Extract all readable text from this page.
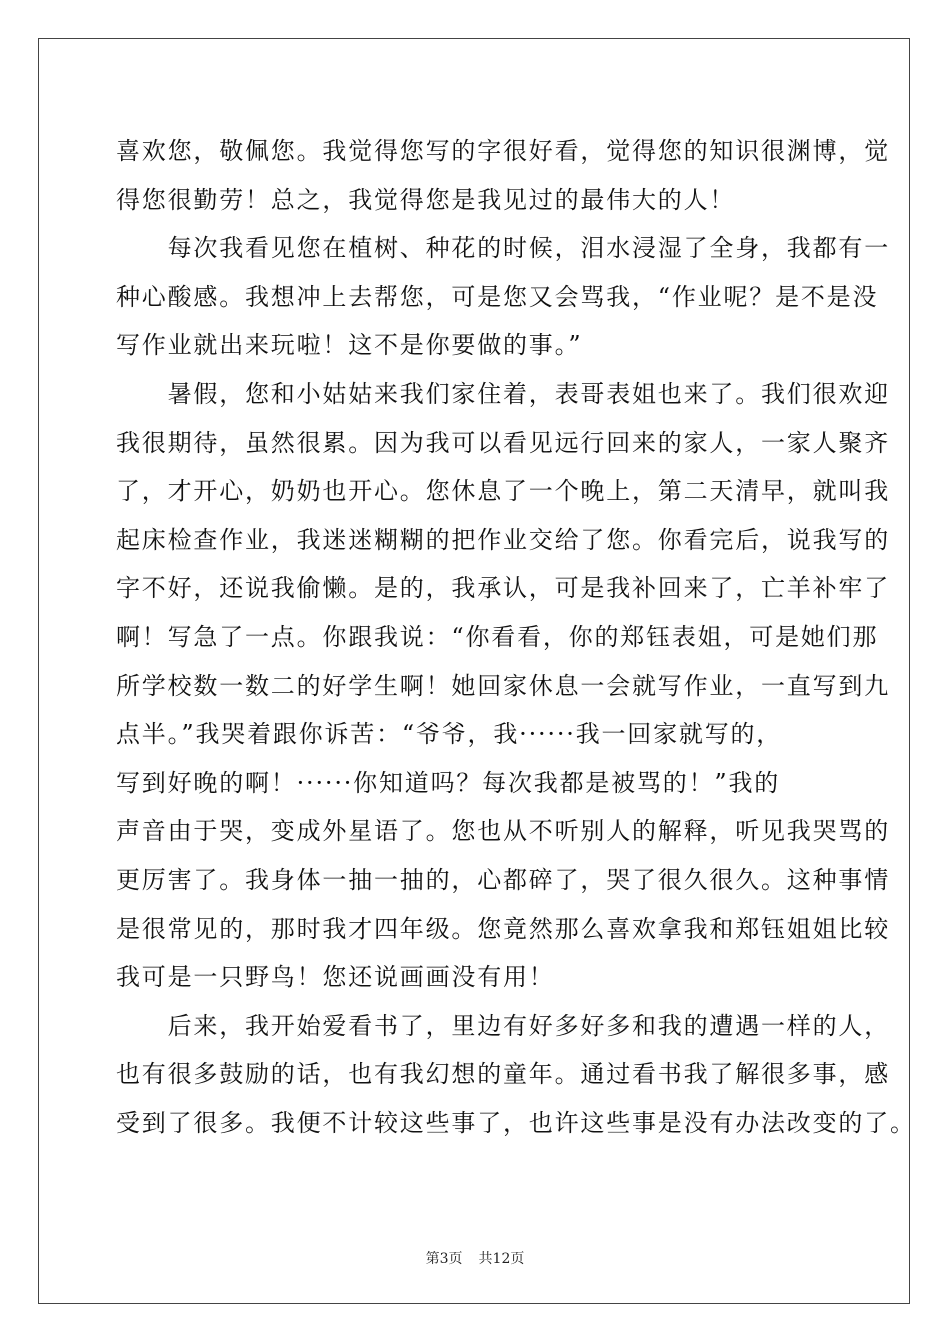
喜欢您，敬佩您。我觉得您写的字很好看，觉得您的知识很渊博，觉
得您很勤劳！总之，我觉得您是我见过的最伟大的人！
　　每次我看见您在植树、种花的时候，泪水浸湿了全身，我都有一
种心酸感。我想冲上去帮您，可是您又会骂我，“作业呢？是不是没
写作业就出来玩啦！这不是你要做的事。”
　　暑假，您和小姑姑来我们家住着，表哥表姐也来了。我们很欢迎
我很期待，虽然很累。因为我可以看见远行回来的家人，一家人聚齐
了，才开心，奶奶也开心。您休息了一个晚上，第二天清早，就叫我
起床检查作业，我迷迷糊糊的把作业交给了您。你看完后，说我写的
字不好，还说我偷懒。是的，我承认，可是我补回来了，亡羊补牢了
啊！写急了一点。你跟我说：“你看看，你的郑钰表姐，可是她们那
所学校数一数二的好学生啊！她回家休息一会就写作业，一直写到九
点半。”我哭着跟你诉苦：“爷爷，我······我一回家就写的，
写到好晚的啊！······你知道吗？每次我都是被骂的！”我的
声音由于哭，变成外星语了。您也从不听别人的解释，听见我哭骂的
更厉害了。我身体一抽一抽的，心都碎了，哭了很久很久。这种事情
是很常见的，那时我才四年级。您竟然那么喜欢拿我和郑钰姐姐比较
我可是一只野鸟！您还说画画没有用！
　　后来，我开始爱看书了，里边有好多好多和我的遭遇一样的人，
也有很多鼓励的话，也有我幻想的童年。通过看书我了解很多事，感
受到了很多。我便不计较这些事了，也许这些事是没有办法改变的了。
第3页 共12页
